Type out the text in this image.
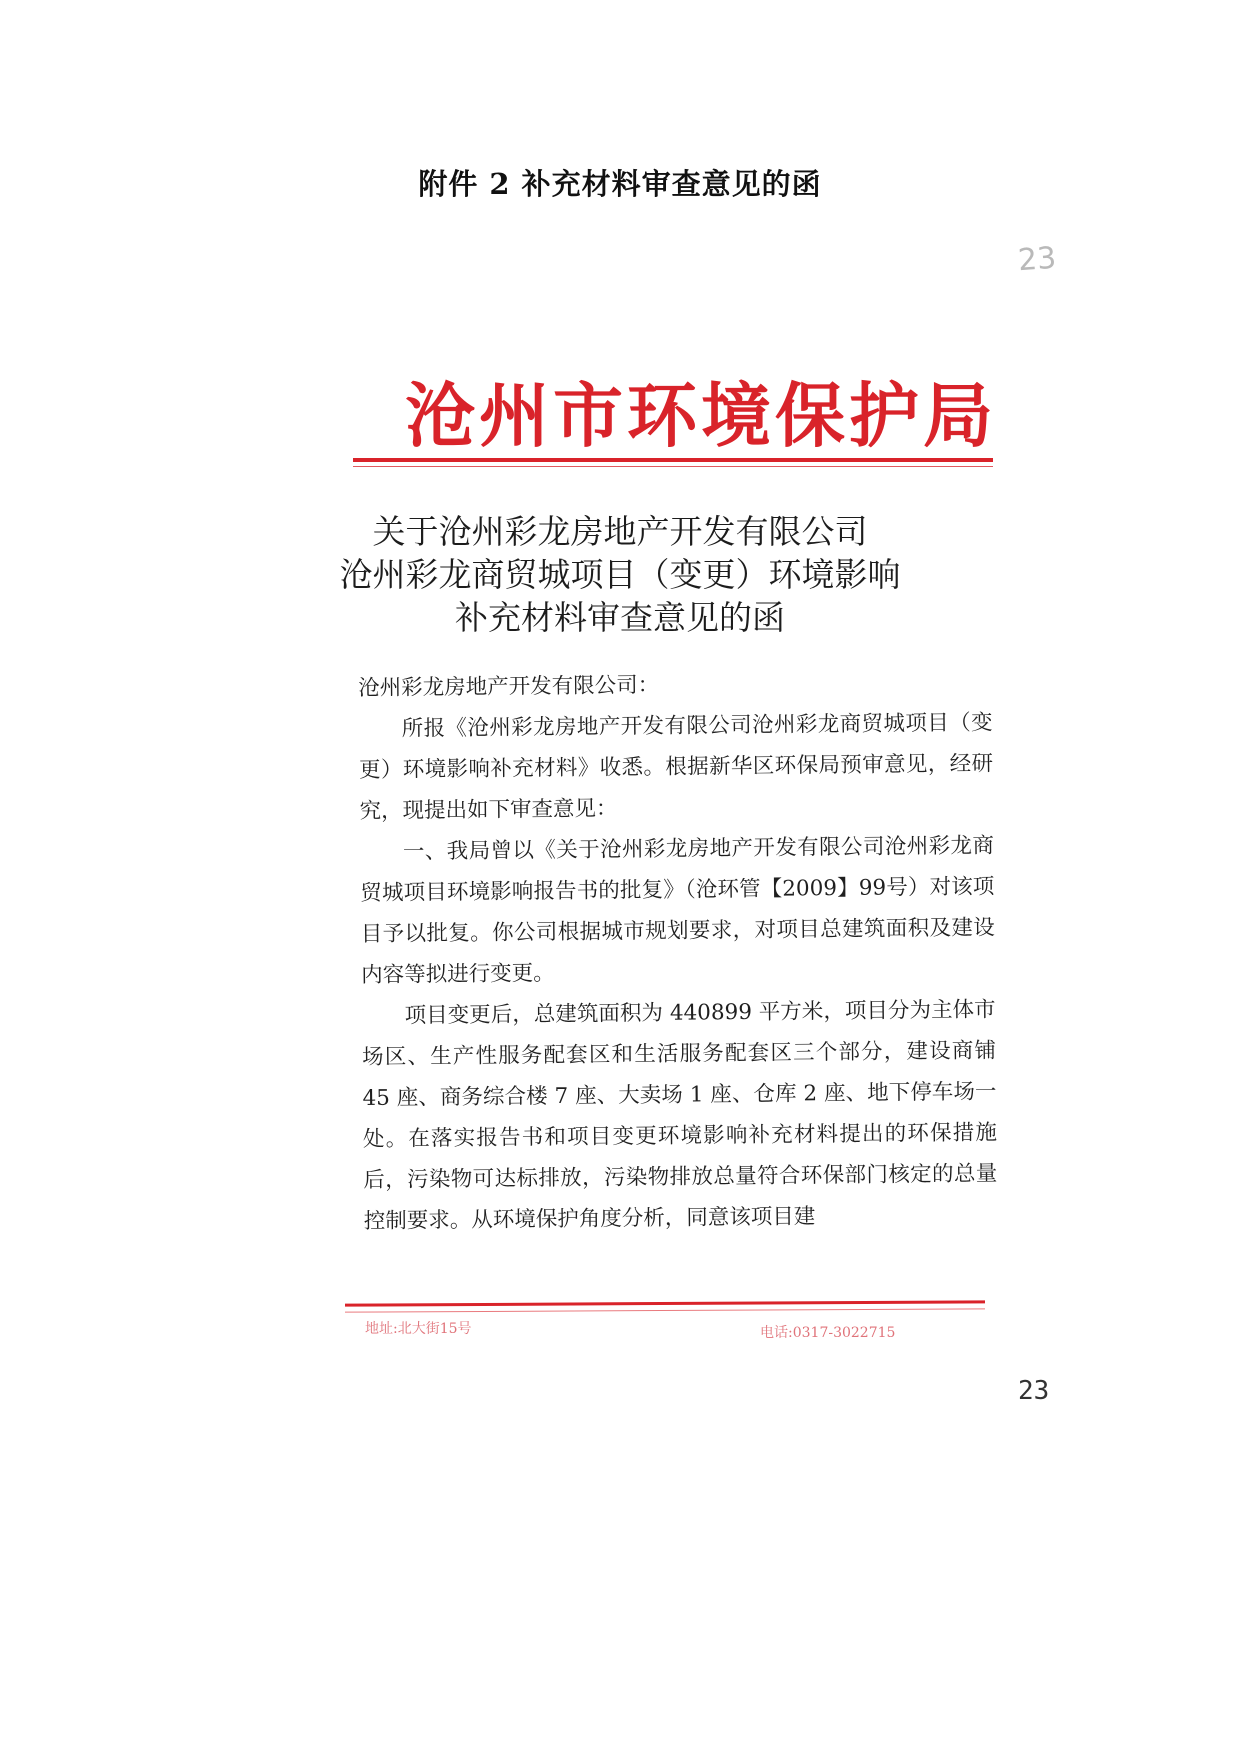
附件 2 补充材料审查意见的函
23
沧州市环境保护局
关于沧州彩龙房地产开发有限公司
沧州彩龙商贸城项目（变更）环境影响
补充材料审查意见的函

沧州彩龙房地产开发有限公司：

所报《沧州彩龙房地产开发有限公司沧州彩龙商贸城项目（变更）环境影响补充材料》收悉。根据新华区环保局预审意见，经研究，现提出如下审查意见：

一、我局曾以《关于沧州彩龙房地产开发有限公司沧州彩龙商贸城项目环境影响报告书的批复》（沧环管【2009】99号）对该项目予以批复。你公司根据城市规划要求，对项目总建筑面积及建设内容等拟进行变更。

项目变更后，总建筑面积为 440899 平方米，项目分为主体市场区、生产性服务配套区和生活服务配套区三个部分，建设商铺 45 座、商务综合楼 7 座、大卖场 1 座、仓库 2 座、地下停车场一处。在落实报告书和项目变更环境影响补充材料提出的环保措施后，污染物可达标排放，污染物排放总量符合环保部门核定的总量控制要求。从环境保护角度分析，同意该项目建

地址:北大街15号	电话:0317-3022715
23
